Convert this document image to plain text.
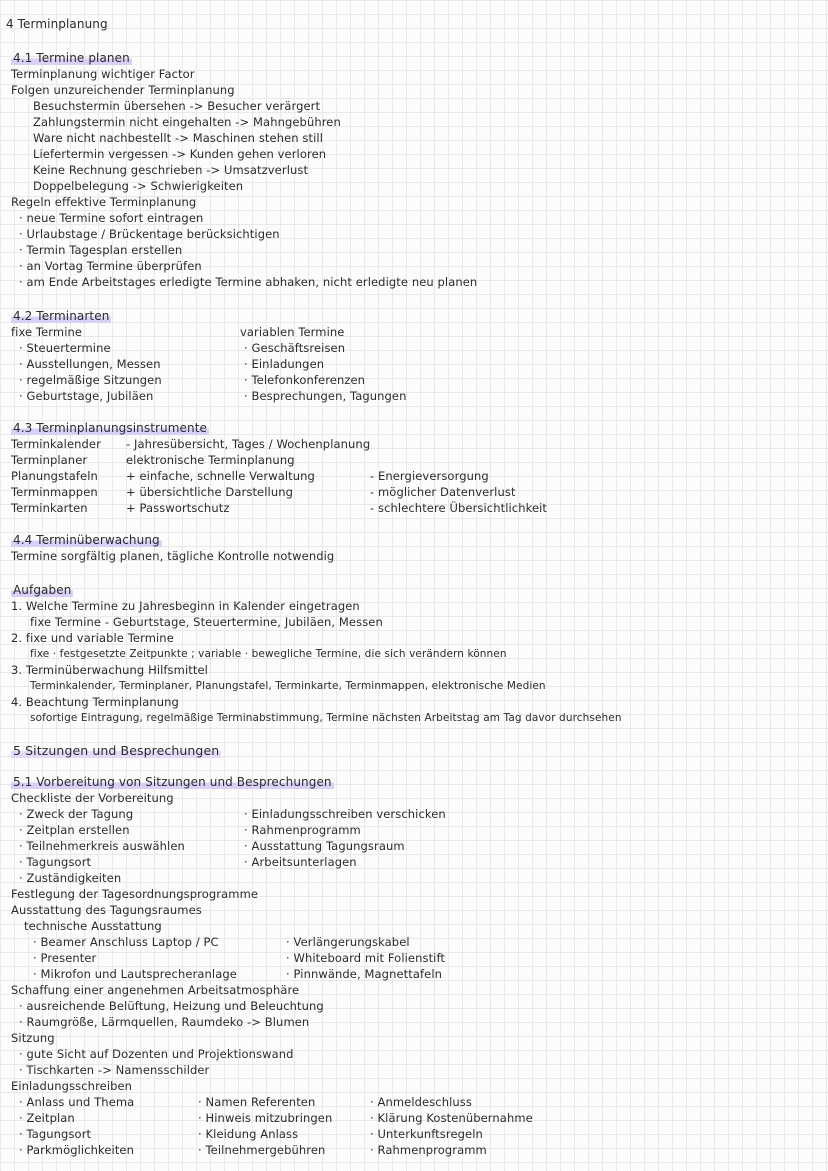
4 Terminplanung
4.1 Termine planen
Terminplanung wichtiger Factor
Folgen unzureichender Terminplanung
Besuchstermin übersehen -> Besucher verärgert
Zahlungstermin nicht eingehalten -> Mahngebühren
Ware nicht nachbestellt -> Maschinen stehen still
Liefertermin vergessen -> Kunden gehen verloren
Keine Rechnung geschrieben -> Umsatzverlust
Doppelbelegung -> Schwierigkeiten
Regeln effektive Terminplanung
· neue Termine sofort eintragen
· Urlaubstage / Brückentage berücksichtigen
· Termin Tagesplan erstellen
· an Vortag Termine überprüfen
· am Ende Arbeitstages erledigte Termine abhaken, nicht erledigte neu planen
4.2 Terminarten
fixe Termine
· Steuertermine
· Ausstellungen, Messen
· regelmäßige Sitzungen
· Geburtstage, Jubiläen
variablen Termine
· Geschäftsreisen
· Einladungen
· Telefonkonferenzen
· Besprechungen, Tagungen
4.3 Terminplanungsinstrumente
Terminkalender
Terminplaner
Planungstafeln
Terminmappen
Terminkarten
- Jahresübersicht, Tages / Wochenplanung
elektronische Terminplanung
+ einfache, schnelle Verwaltung
+ übersichtliche Darstellung
+ Passwortschutz
- Energieversorgung
- möglicher Datenverlust
- schlechtere Übersichtlichkeit
4.4 Terminüberwachung
Termine sorgfältig planen, tägliche Kontrolle notwendig
Aufgaben
1. Welche Termine zu Jahresbeginn in Kalender eingetragen
fixe Termine - Geburtstage, Steuertermine, Jubiläen, Messen
2. fixe und variable Termine
fixe · festgesetzte Zeitpunkte ; variable · bewegliche Termine, die sich verändern können
3. Terminüberwachung Hilfsmittel
Terminkalender, Terminplaner, Planungstafel, Terminkarte, Terminmappen, elektronische Medien
4. Beachtung Terminplanung
sofortige Eintragung, regelmäßige Terminabstimmung, Termine nächsten Arbeitstag am Tag davor durchsehen
5 Sitzungen und Besprechungen
5.1 Vorbereitung von Sitzungen und Besprechungen
Checkliste der Vorbereitung
· Zweck der Tagung
· Zeitplan erstellen
· Teilnehmerkreis auswählen
· Tagungsort
· Zuständigkeiten
· Einladungsschreiben verschicken
· Rahmenprogramm
· Ausstattung Tagungsraum
· Arbeitsunterlagen
Festlegung der Tagesordnungsprogramme
Ausstattung des Tagungsraumes
technische Ausstattung
· Beamer Anschluss Laptop / PC
· Presenter
· Mikrofon und Lautsprecheranlage
· Verlängerungskabel
· Whiteboard mit Folienstift
· Pinnwände, Magnettafeln
Schaffung einer angenehmen Arbeitsatmosphäre
· ausreichende Belüftung, Heizung und Beleuchtung
· Raumgröße, Lärmquellen, Raumdeko -> Blumen
Sitzung
· gute Sicht auf Dozenten und Projektionswand
· Tischkarten -> Namensschilder
Einladungsschreiben
· Anlass und Thema
· Zeitplan
· Tagungsort
· Parkmöglichkeiten
· Namen Referenten
· Hinweis mitzubringen
· Kleidung Anlass
· Teilnehmergebühren
· Anmeldeschluss
· Klärung Kostenübernahme
· Unterkunftsregeln
· Rahmenprogramm
